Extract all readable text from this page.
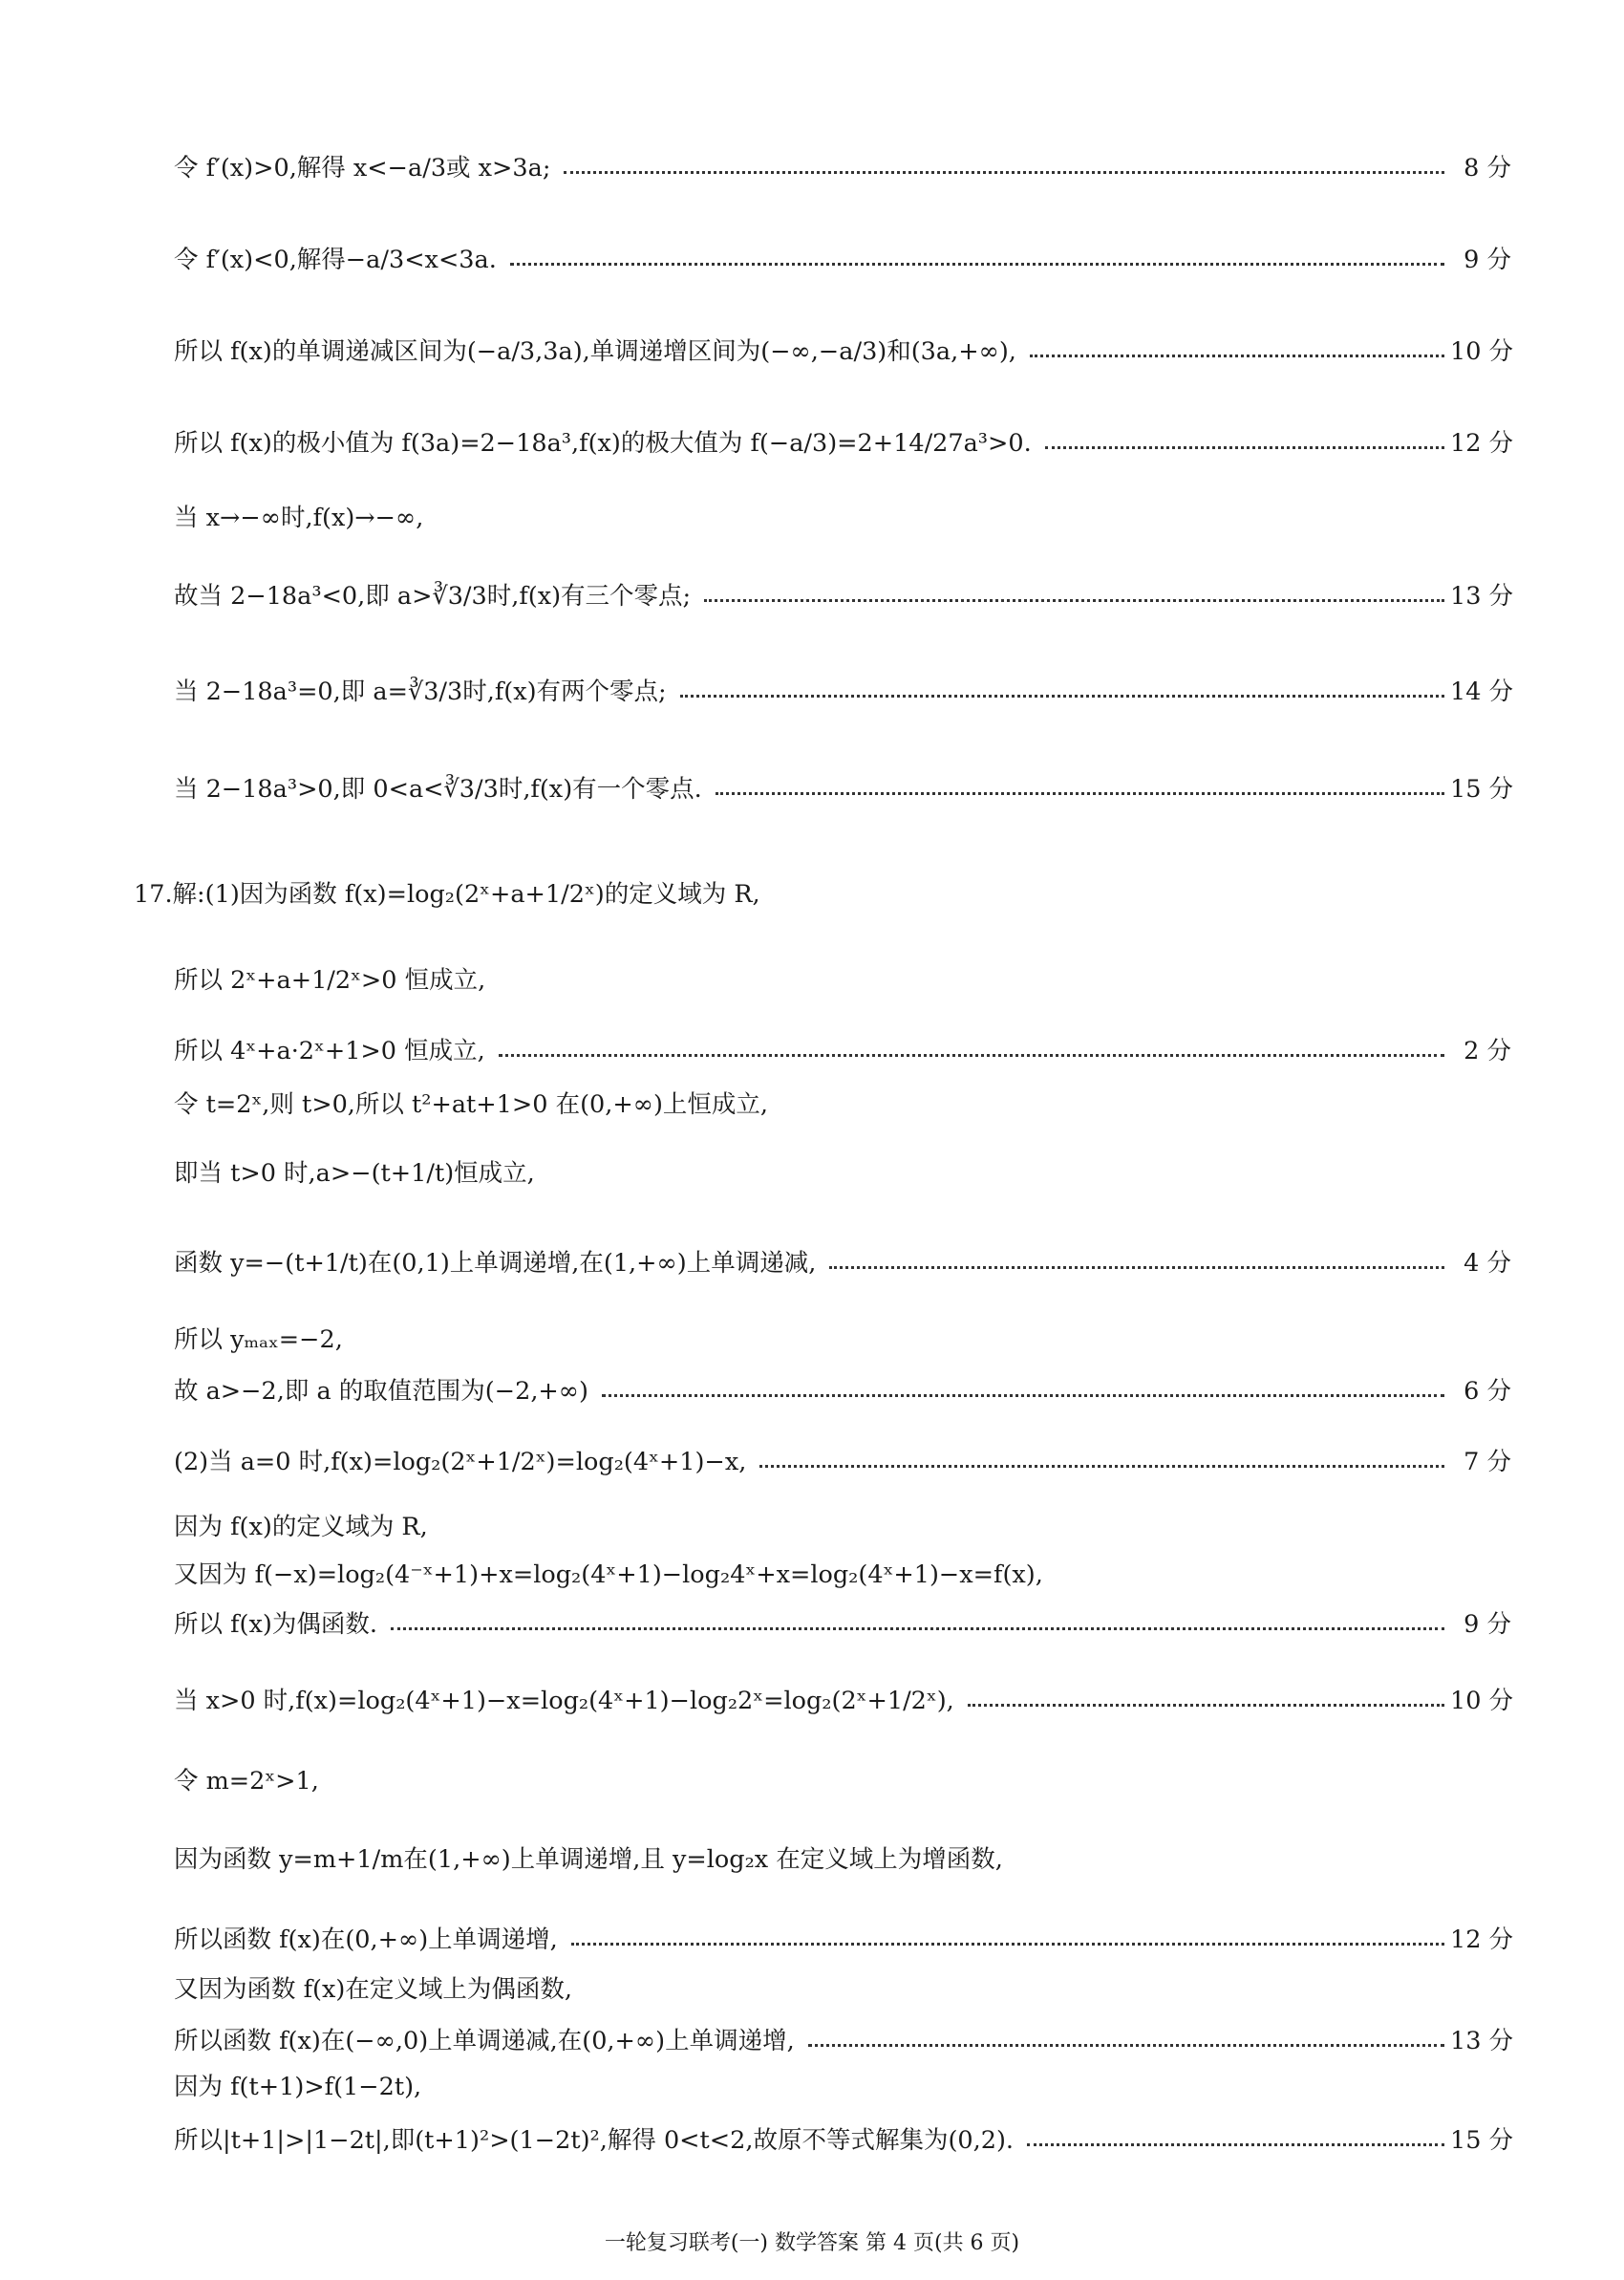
令 f′(x)>0,解得 x<−a/3或 x>3a;	8 分
令 f′(x)<0,解得−a/3<x<3a.	9 分
所以 f(x)的单调递减区间为(−a/3,3a),单调递增区间为(−∞,−a/3)和(3a,+∞),	10 分
所以 f(x)的极小值为 f(3a)=2−18a³,f(x)的极大值为 f(−a/3)=2+14/27a³>0.	12 分
当 x→−∞时,f(x)→−∞,
故当 2−18a³<0,即 a>∛3/3时,f(x)有三个零点;	13 分
当 2−18a³=0,即 a=∛3/3时,f(x)有两个零点;	14 分
当 2−18a³>0,即 0<a<∛3/3时,f(x)有一个零点.	15 分
17.解:(1)因为函数 f(x)=log₂(2ˣ+a+1/2ˣ)的定义域为 R,
所以 2ˣ+a+1/2ˣ>0 恒成立,
所以 4ˣ+a·2ˣ+1>0 恒成立,	2 分
令 t=2ˣ,则 t>0,所以 t²+at+1>0 在(0,+∞)上恒成立,
即当 t>0 时,a>−(t+1/t)恒成立,
函数 y=−(t+1/t)在(0,1)上单调递增,在(1,+∞)上单调递减,	4 分
所以 yₘₐₓ=−2,
故 a>−2,即 a 的取值范围为(−2,+∞)	6 分
(2)当 a=0 时,f(x)=log₂(2ˣ+1/2ˣ)=log₂(4ˣ+1)−x,	7 分
因为 f(x)的定义域为 R,
又因为 f(−x)=log₂(4⁻ˣ+1)+x=log₂(4ˣ+1)−log₂4ˣ+x=log₂(4ˣ+1)−x=f(x),
所以 f(x)为偶函数.	9 分
当 x>0 时,f(x)=log₂(4ˣ+1)−x=log₂(4ˣ+1)−log₂2ˣ=log₂(2ˣ+1/2ˣ),	10 分
令 m=2ˣ>1,
因为函数 y=m+1/m在(1,+∞)上单调递增,且 y=log₂x 在定义域上为增函数,
所以函数 f(x)在(0,+∞)上单调递增,	12 分
又因为函数 f(x)在定义域上为偶函数,
所以函数 f(x)在(−∞,0)上单调递减,在(0,+∞)上单调递增,	13 分
因为 f(t+1)>f(1−2t),
所以|t+1|>|1−2t|,即(t+1)²>(1−2t)²,解得 0<t<2,故原不等式解集为(0,2).	15 分
一轮复习联考(一) 数学答案 第 4 页(共 6 页)
